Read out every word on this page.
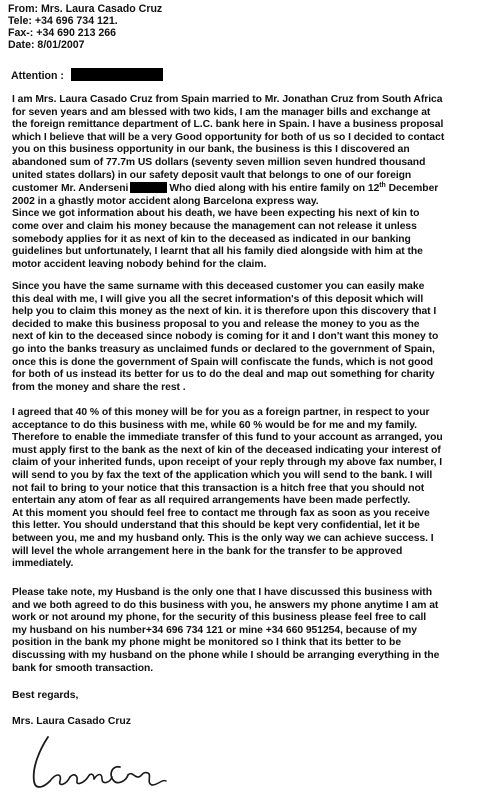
From: Mrs. Laura Casado Cruz
Tele: +34 696 734 121.
Fax-: +34 690 213 266
Date: 8/01/2007
Attention :
I am Mrs. Laura Casado Cruz from Spain married to Mr. Jonathan Cruz from South Africa
for seven years and am blessed with two kids, I am the manager bills and exchange at
the foreign remittance department of L.C. bank here in Spain. I have a business proposal
which I believe that will be a very Good opportunity for both of us so I decided to contact
you on this business opportunity in our bank, the business is this I discovered an
abandoned sum of 77.7m US dollars (seventy seven million seven hundred thousand
united states dollars) in our safety deposit vault that belongs to one of our foreign
customer Mr. Anderseni	Who died along with his entire family on 12th December
2002 in a ghastly motor accident along Barcelona express way.
Since we got information about his death, we have been expecting his next of kin to
come over and claim his money because the management can not release it unless
somebody applies for it as next of kin to the deceased as indicated in our banking
guidelines but unfortunately, I learnt that all his family died alongside with him at the
motor accident leaving nobody behind for the claim.
Since you have the same surname with this deceased customer you can easily make
this deal with me, I will give you all the secret information's of this deposit which will
help you to claim this money as the next of kin. it is therefore upon this discovery that I
decided to make this business proposal to you and release the money to you as the
next of kin to the deceased since nobody is coming for it and I don't want this money to
go into the banks treasury as unclaimed funds or declared to the government of Spain,
once this is done the government of Spain will confiscate the funds, which is not good
for both of us instead its better for us to do the deal and map out something for charity
from the money and share the rest .
I agreed that 40 % of this money will be for you as a foreign partner, in respect to your
acceptance to do this business with me, while 60 % would be for me and my family.
Therefore to enable the immediate transfer of this fund to your account as arranged, you
must apply first to the bank as the next of kin of the deceased indicating your interest of
claim of your inherited funds, upon receipt of your reply through my above fax number, I
will send to you by fax the text of the application which you will send to the bank. I will
not fail to bring to your notice that this transaction is a hitch free that you should not
entertain any atom of fear as all required arrangements have been made perfectly.
At this moment you should feel free to contact me through fax as soon as you receive
this letter. You should understand that this should be kept very confidential, let it be
between you, me and my husband only. This is the only way we can achieve success. I
will level the whole arrangement here in the bank for the transfer to be approved
immediately.
Please take note, my Husband is the only one that I have discussed this business with
and we both agreed to do this business with you, he answers my phone anytime I am at
work or not around my phone, for the security of this business please feel free to call
my husband on his number+34 696 734 121 or mine +34 660 951254, because of my
position in the bank my phone might be monitored so I think that its better to be
discussing with my husband on the phone while I should be arranging everything in the
bank for smooth transaction.
Best regards,
Mrs. Laura Casado Cruz
